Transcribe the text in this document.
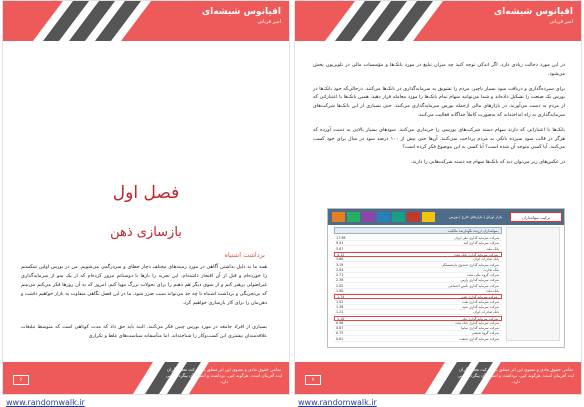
اقیانوس شیشه‌ای
امیر قربانی
فصل اول
بازسازی ذهن
برداشت اشتباه
همه ما به دلیل نداشتن آگاهی در مورد زمینه‌های مختلف دچار خطای و سردرگمی می‌شویم. من در بورس اولین شکستم را خورده‌ام و قبل از آن افتخار داشته‌ام. این تجربه را بارها با دوستانم مرور کرده‌ام که از یک سو از سرمایه‌گذاری غیراصولی پرهیز کنم و از سوی دیگر هم ذهنم را برای تحولات بزرگ مهیا کنم. امروز که به آن روزها فکر می‌کنم می‌بینم که بی‌تجربگی و برداشت اشتباه تا چه حد می‌تواند سبب ضرر شود. ما در این فصل نگاهی متفاوت به بازار خواهیم داشت و ذهن‌مان را برای کار بازسازی خواهیم کرد.
بسیاری از افراد جامعه در مورد بورس چنین فکر می‌کنند. البته باید حق داد که مدت کوتاهی است که متوسط تبلیغات علاقه‌مندان بیشتری این کسب‌وکار را شناخته‌اند. اما متأسفانه سیاست‌های غلط و تکراری
۶
تمامی حقوق مادی و معنوی این اثر متعلق به شرکت تحلیل گران ایده آفرینان است. هرگونه کپی، برداشت و انتشار آن پیگرد قانونی دارد.
اقیانوس شیشه‌ای
امیر قربانی

در این مورد دخالت زیادی دارد. اگر اندکی توجه کنید چه میزان تبلیغ در مورد بانک‌ها و مؤسسات مالی در تلویزیون پخش می‌شود.

برای سپرده‌گذاری و دریافت سود بسیار ناچیز، مردم را تشویق به سرمایه‌گذاری در بانک‌ها می‌کنند. درحالی‌که خود بانک‌ها در بورس یک صنعت را تشکیل داده‌اند و شما می‌توانید سهام تمام بانک‌ها را مورد معامله قرار دهید. همین بانک‌ها با اعتباراتی که از مردم به دست می‌آورند، در بازارهای مالی ازجمله بورس سرمایه‌گذاری می‌کنند. حتی بسیاری از این بانک‌ها شرکت‌های سرمایه‌گذاری به راه انداخته‌اند که به‌صورت کاملاً جداگانه فعالیت می‌کنند.

بانک‌ها با اعتباراتی که دارند سهام دسته شرکت‌های بورسی را خریداری می‌کنند. سودهای بسیار بالایی به دست آورده که هرگز در قالب سود سپرده بانکی به مردم پرداخت نمی‌کنند. آن‌ها حتی بیش از ۱۰۰ درصد سود در سال برای خود کسب می‌کنند. آیا کسی متوجه آن شده است؟ آیا کسی به این موضوع فکر کرده است؟

در عکس‌های زیر می‌توان دید که بانک‌ها سهام چه دسته شرکت‌هایی را دارند.

بازار اوراق | بازارهای خارج | بورس	ترکیب سهامداران
سهامداران ارزنده نگهدارنده مالکیت
شرکت سرمایه گذاری ملی ایران
17.98
شرکت سرمایه گذاری آتیه
9.41
بانک ملت
5.87
شرکت سرمایه گذاری بانک ملت
4.12
بانک صادرات ایران
3.66
شرکت سرمایه گذاری صندوق بازنشستگی
3.19
بانک تجارت
2.94
شرکت گروه مالی ملت
2.71
شرکت سرمایه گذاری پارس
2.38
شرکت سرمایه گذاری تأمین اجتماعی
2.05
بانک ملت
1.90
شرکت سرمایه گذاری غدیر
1.74
شرکت سرمایه گذاری نفت
1.52
شرکت سرمایه گذاری سپه
1.38
بانک صادرات ایران
1.21
شرکت سرمایه گذاری ملی
1.10
شرکت سرمایه گذاری بانک ملت
0.98
شرکت سرمایه گذاری سایپا
0.87
شرکت گروه صنعتی
0.75
شرکت سرمایه گذاری صنعت
0.61
۷
تمامی حقوق مادی و معنوی این اثر متعلق به شرکت تحلیل گران ایده آفرینان است. هرگونه کپی، برداشت و انتشار آن پیگرد قانونی دارد.
www.randomwalk.ir	www.randomwalk.ir
